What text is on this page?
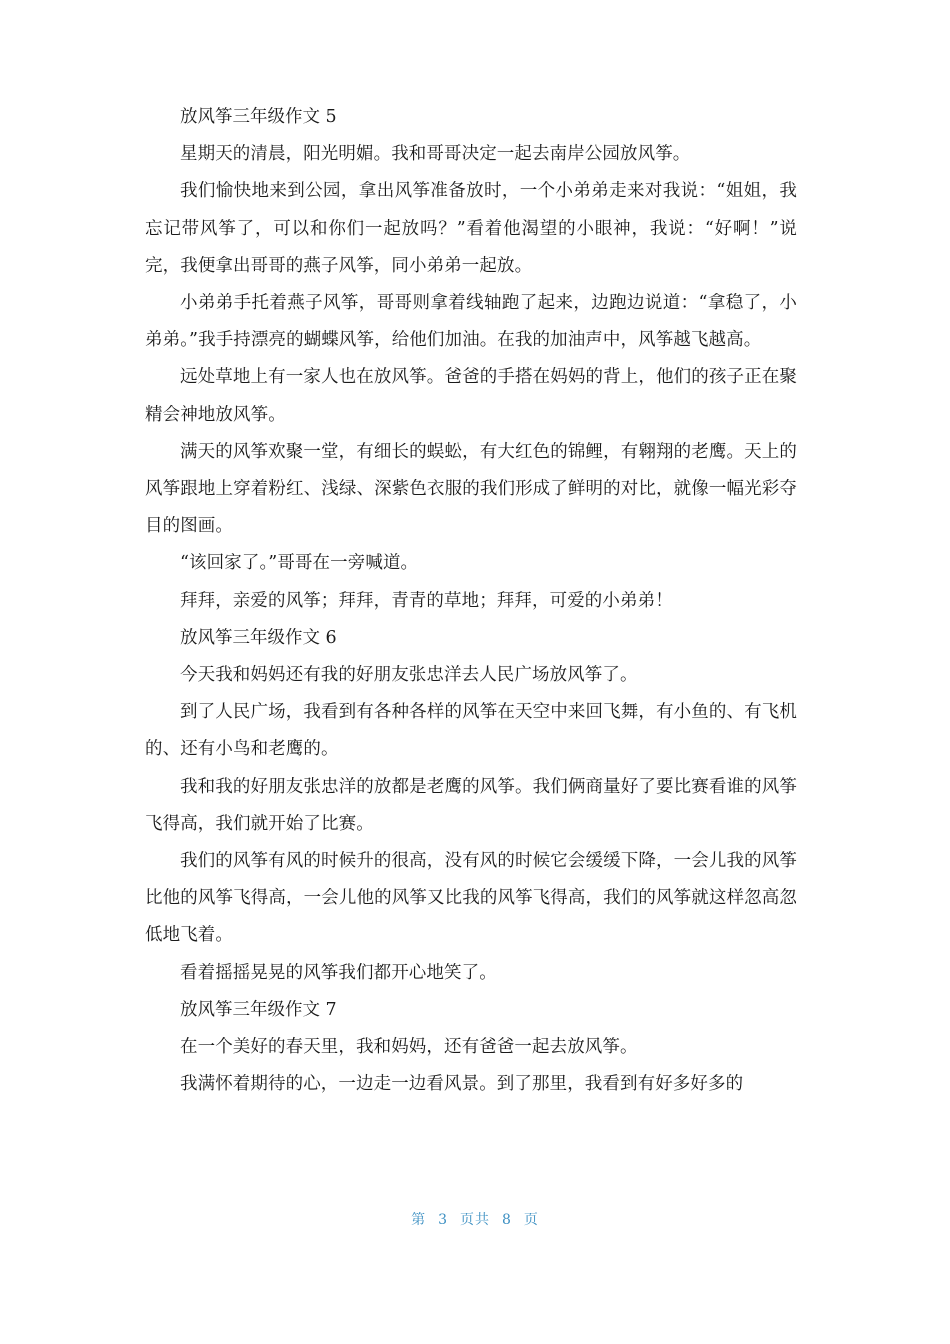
放风筝三年级作文 5

星期天的清晨，阳光明媚。我和哥哥决定一起去南岸公园放风筝。

我们愉快地来到公园，拿出风筝准备放时，一个小弟弟走来对我说：“姐姐，我忘记带风筝了，可以和你们一起放吗？”看着他渴望的小眼神，我说：“好啊！”说完，我便拿出哥哥的燕子风筝，同小弟弟一起放。

小弟弟手托着燕子风筝，哥哥则拿着线轴跑了起来，边跑边说道：“拿稳了，小弟弟。”我手持漂亮的蝴蝶风筝，给他们加油。在我的加油声中，风筝越飞越高。

远处草地上有一家人也在放风筝。爸爸的手搭在妈妈的背上，他们的孩子正在聚精会神地放风筝。

满天的风筝欢聚一堂，有细长的蜈蚣，有大红色的锦鲤，有翱翔的老鹰。天上的风筝跟地上穿着粉红、浅绿、深紫色衣服的我们形成了鲜明的对比，就像一幅光彩夺目的图画。

“该回家了。”哥哥在一旁喊道。

拜拜，亲爱的风筝；拜拜，青青的草地；拜拜，可爱的小弟弟！

放风筝三年级作文 6

今天我和妈妈还有我的好朋友张忠洋去人民广场放风筝了。

到了人民广场，我看到有各种各样的风筝在天空中来回飞舞，有小鱼的、有飞机的、还有小鸟和老鹰的。

我和我的好朋友张忠洋的放都是老鹰的风筝。我们俩商量好了要比赛看谁的风筝飞得高，我们就开始了比赛。

我们的风筝有风的时候升的很高，没有风的时候它会缓缓下降，一会儿我的风筝比他的风筝飞得高，一会儿他的风筝又比我的风筝飞得高，我们的风筝就这样忽高忽低地飞着。

看着摇摇晃晃的风筝我们都开心地笑了。

放风筝三年级作文 7

在一个美好的春天里，我和妈妈，还有爸爸一起去放风筝。

我满怀着期待的心，一边走一边看风景。到了那里，我看到有好多好多的

第 3 页共 8 页
